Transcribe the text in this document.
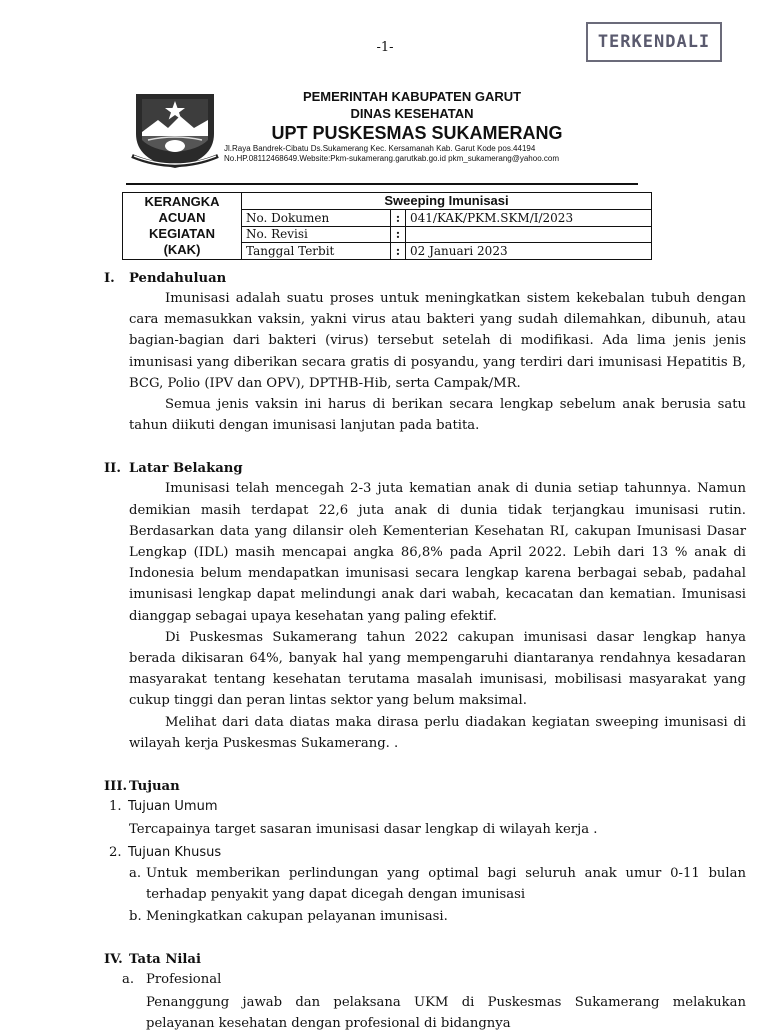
-1-	TERKENDALI
PEMERINTAH KABUPATEN GARUT
DINAS KESEHATAN
UPT PUSKESMAS SUKAMERANG
Jl.Raya Bandrek-Cibatu Ds.Sukamerang Kec. Kersamanah Kab. Garut Kode pos.44194
No.HP.08112468649.Website:Pkm-sukamerang.garutkab.go.id pkm_sukamerang@yahoo.com
KERANGKA
ACUAN
KEGIATAN
(KAK)	Sweeping Imunisasi		
	No. Dokumen	:	041/KAK/PKM.SKM/I/2023
	No. Revisi	:	
	Tanggal Terbit	:	02 Januari 2023
I. Pendahuluan
Imunisasi adalah suatu proses untuk meningkatkan sistem kekebalan tubuh dengan cara memasukkan vaksin, yakni virus atau bakteri yang sudah dilemahkan, dibunuh, atau bagian-bagian dari bakteri (virus) tersebut setelah di modifikasi. Ada lima jenis jenis imunisasi yang diberikan secara gratis di posyandu, yang terdiri dari imunisasi Hepatitis B, BCG, Polio (IPV dan OPV), DPTHB-Hib, serta Campak/MR.
Semua jenis vaksin ini harus di berikan secara lengkap sebelum anak berusia satu tahun diikuti dengan imunisasi lanjutan pada batita.
II. Latar Belakang
Imunisasi telah mencegah 2-3 juta kematian anak di dunia setiap tahunnya. Namun demikian masih terdapat 22,6 juta anak di dunia tidak terjangkau imunisasi rutin. Berdasarkan data yang dilansir oleh Kementerian Kesehatan RI, cakupan Imunisasi Dasar Lengkap (IDL) masih mencapai angka 86,8% pada April 2022. Lebih dari 13 % anak di Indonesia belum mendapatkan imunisasi secara lengkap karena berbagai sebab, padahal imunisasi lengkap dapat melindungi anak dari wabah, kecacatan dan kematian. Imunisasi dianggap sebagai upaya kesehatan yang paling efektif.
Di Puskesmas Sukamerang tahun 2022 cakupan imunisasi dasar lengkap hanya berada dikisaran 64%, banyak hal yang mempengaruhi diantaranya rendahnya kesadaran masyarakat tentang kesehatan terutama masalah imunisasi, mobilisasi masyarakat yang cukup tinggi dan peran lintas sektor yang belum maksimal.
Melihat dari data diatas maka dirasa perlu diadakan kegiatan sweeping imunisasi di wilayah kerja Puskesmas Sukamerang. .
III. Tujuan
1. Tujuan Umum
Tercapainya target sasaran imunisasi dasar lengkap di wilayah kerja .
2. Tujuan Khusus
a. Untuk memberikan perlindungan yang optimal bagi seluruh anak umur 0-11 bulan terhadap penyakit yang dapat dicegah dengan imunisasi
b. Meningkatkan cakupan pelayanan imunisasi.
IV. Tata Nilai
a. Profesional
Penanggung jawab dan pelaksana UKM di Puskesmas Sukamerang melakukan pelayanan kesehatan dengan profesional di bidangnya
